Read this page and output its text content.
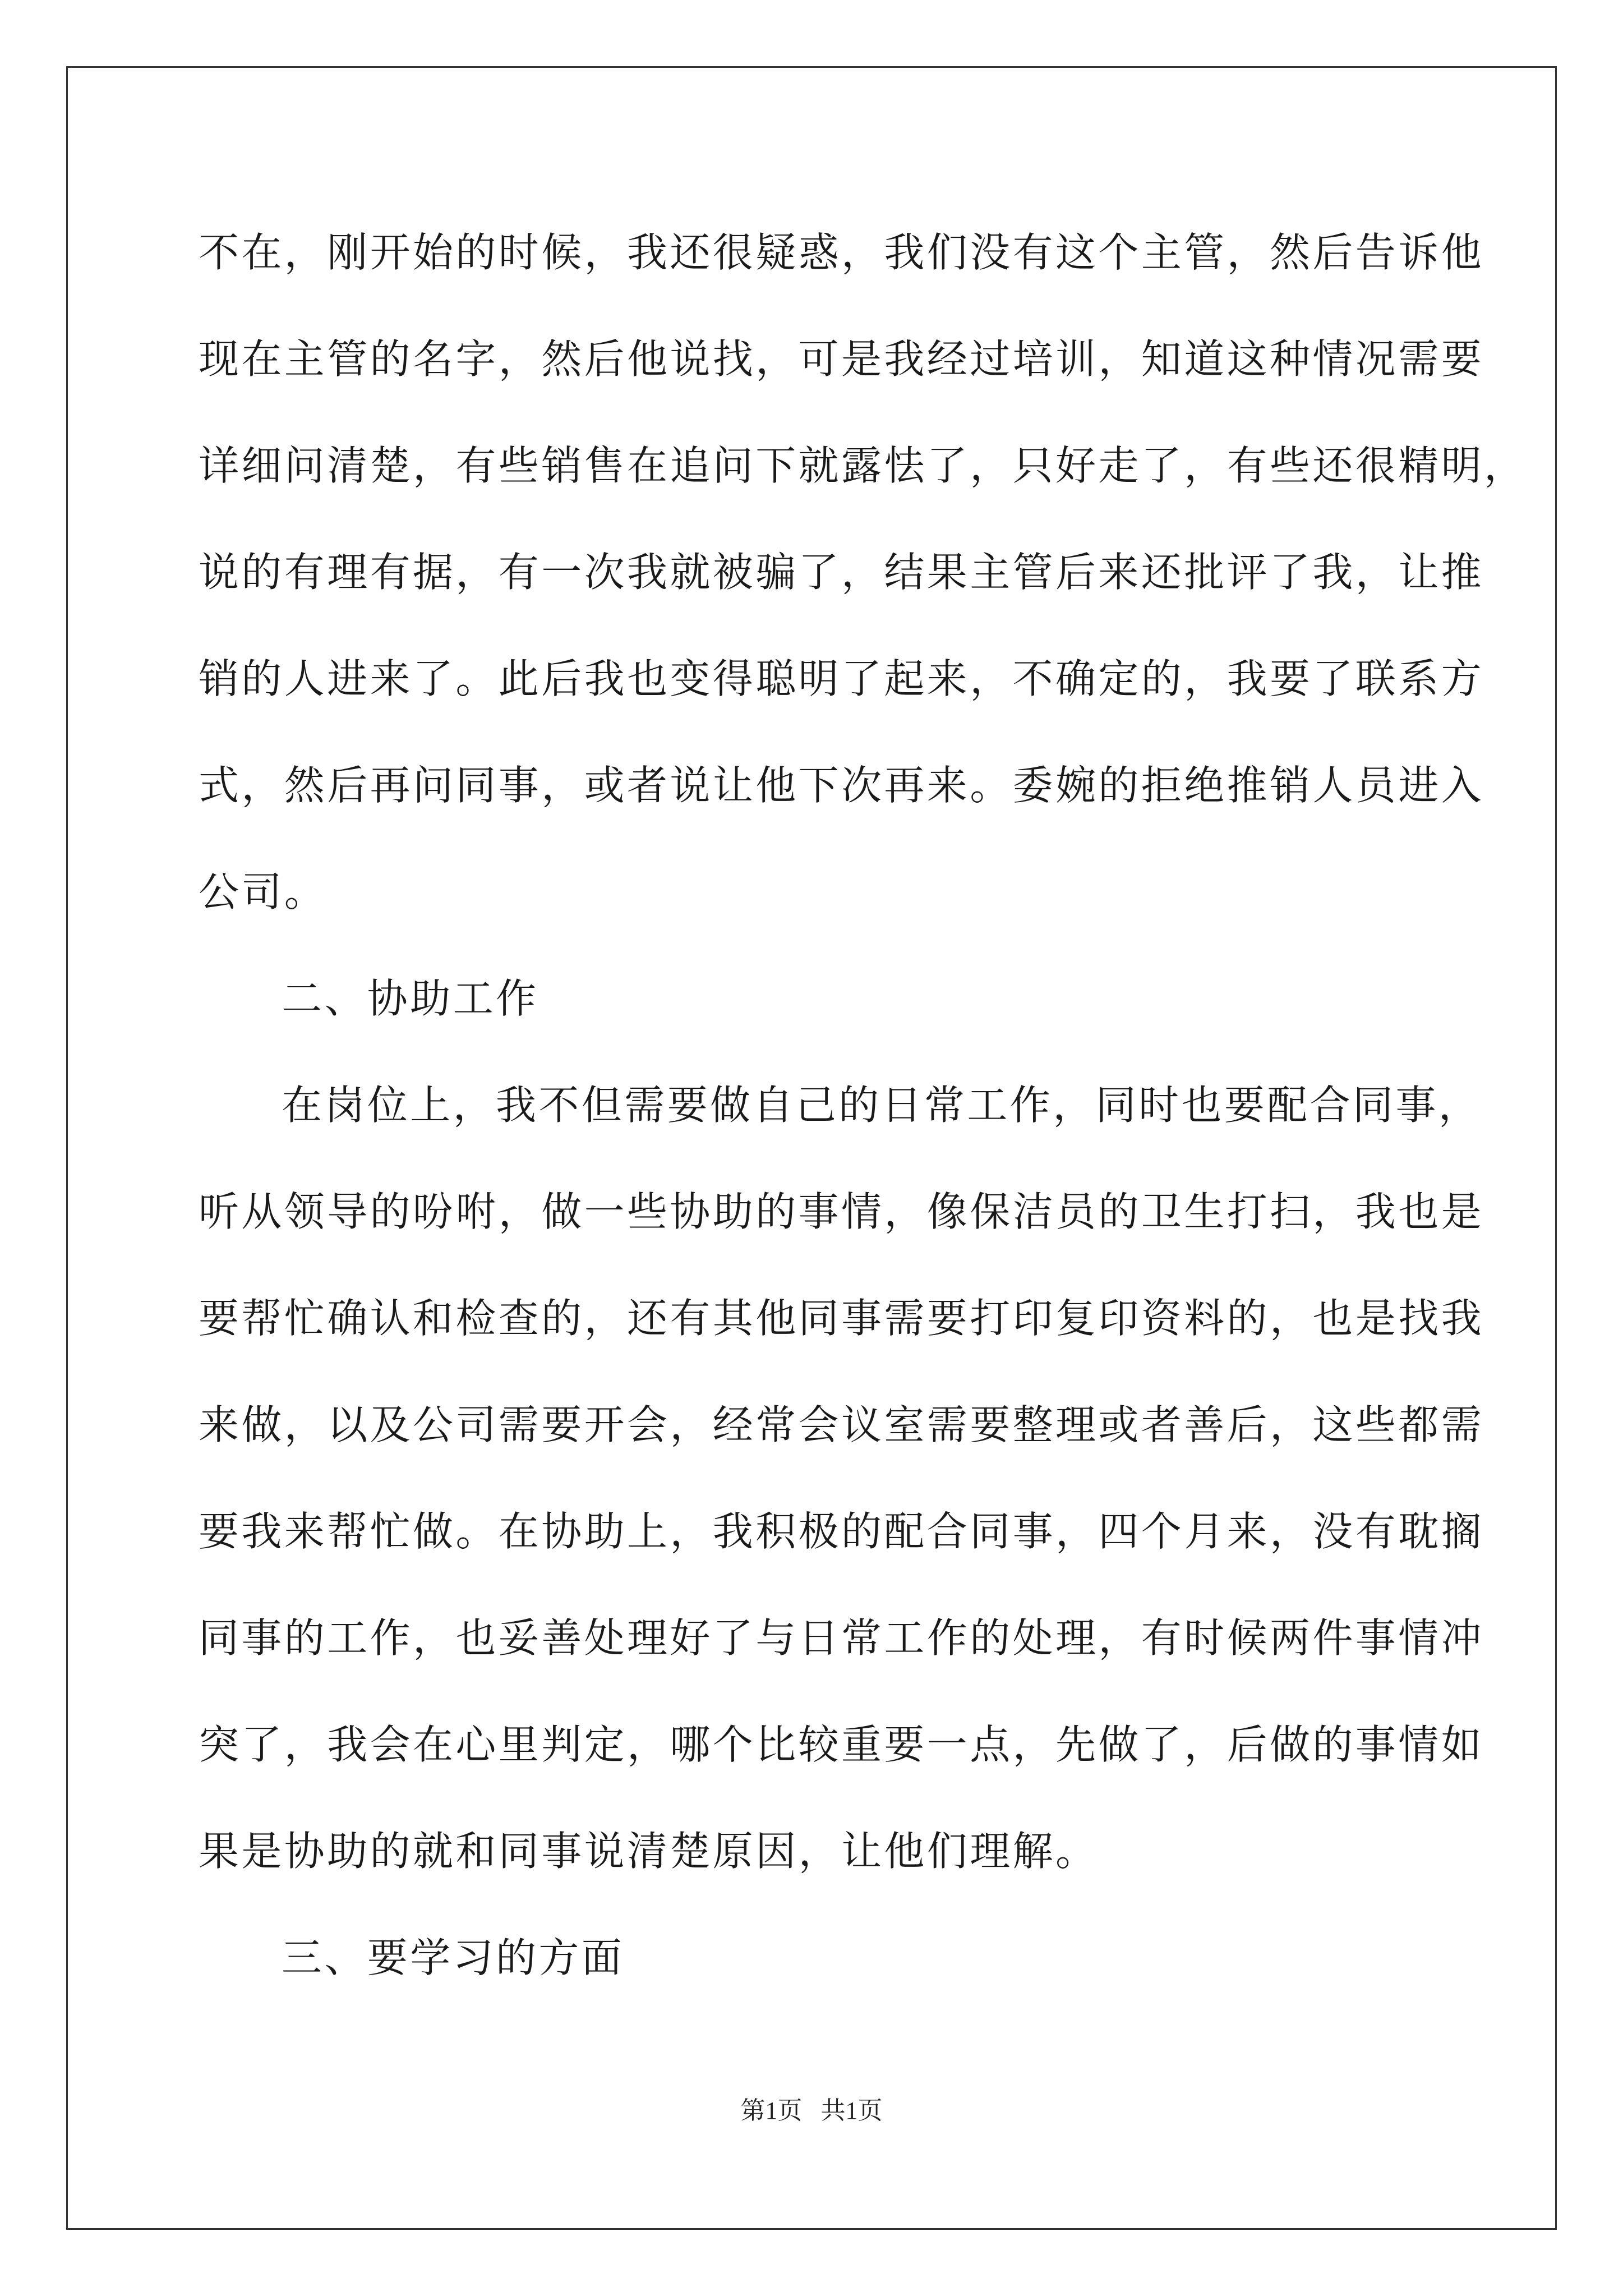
不在，刚开始的时候，我还很疑惑，我们没有这个主管，然后告诉他
现在主管的名字，然后他说找，可是我经过培训，知道这种情况需要
详细问清楚，有些销售在追问下就露怯了，只好走了，有些还很精明，
说的有理有据，有一次我就被骗了，结果主管后来还批评了我，让推
销的人进来了。此后我也变得聪明了起来，不确定的，我要了联系方
式，然后再问同事，或者说让他下次再来。委婉的拒绝推销人员进入
公司。
二、协助工作
在岗位上，我不但需要做自己的日常工作，同时也要配合同事，
听从领导的吩咐，做一些协助的事情，像保洁员的卫生打扫，我也是
要帮忙确认和检查的，还有其他同事需要打印复印资料的，也是找我
来做，以及公司需要开会，经常会议室需要整理或者善后，这些都需
要我来帮忙做。在协助上，我积极的配合同事，四个月来，没有耽搁
同事的工作，也妥善处理好了与日常工作的处理，有时候两件事情冲
突了，我会在心里判定，哪个比较重要一点，先做了，后做的事情如
果是协助的就和同事说清楚原因，让他们理解。
三、要学习的方面
第1页   共1页
